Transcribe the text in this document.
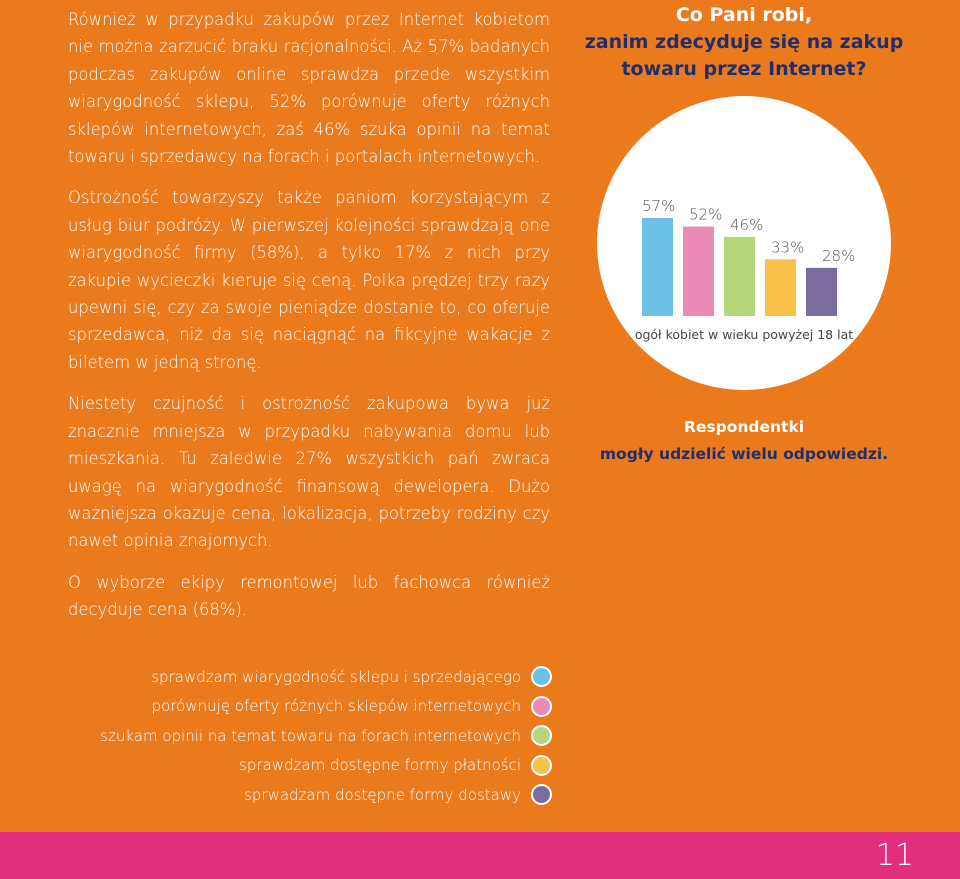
Również w przypadku zakupów przez Internet kobietom nie można zarzucić braku racjonalności. Aż 57% badanych podczas zakupów online sprawdza przede wszystkim wiarygodność sklepu, 52% porównuje oferty różnych sklepów internetowych, zaś 46% szuka opinii na temat towaru i sprzedawcy na forach i portalach internetowych.

Ostrożność towarzyszy także paniom korzystającym z usług biur podróży. W pierwszej kolejności sprawdzają one wiarygodność firmy (58%), a tylko 17% z nich przy zakupie wycieczki kieruje się ceną. Polka prędzej trzy razy upewni się, czy za swoje pieniądze dostanie to, co oferuje sprzedawca, niż da się naciągnąć na fikcyjne wakacje z biletem w jedną stronę.

Niestety czujność i ostrożność zakupowa bywa już znacznie mniejsza w przypadku nabywania domu lub mieszkania. Tu zaledwie 27% wszystkich pań zwraca uwagę na wiarygodność finansową dewelopera. Dużo ważniejsza okazuje cena, lokalizacja, potrzeby rodziny czy nawet opinia znajomych.

O wyborze ekipy remontowej lub fachowca również decyduje cena (68%).

Co Pani robi,
zanim zdecyduje się na zakup
towaru przez Internet?
57% 52%
46%
33% 28%
ogół kobiet w wieku powyżej 18 lat
Respondentki
mogły udzielić wielu odpowiedzi.
sprawdzam wiarygodność sklepu i sprzedającego
porównuję oferty różnych sklepów internetowych
szukam opinii na temat towaru na forach internetowych
sprawdzam dostępne formy płatności
sprwadzam dostępne formy dostawy
11
